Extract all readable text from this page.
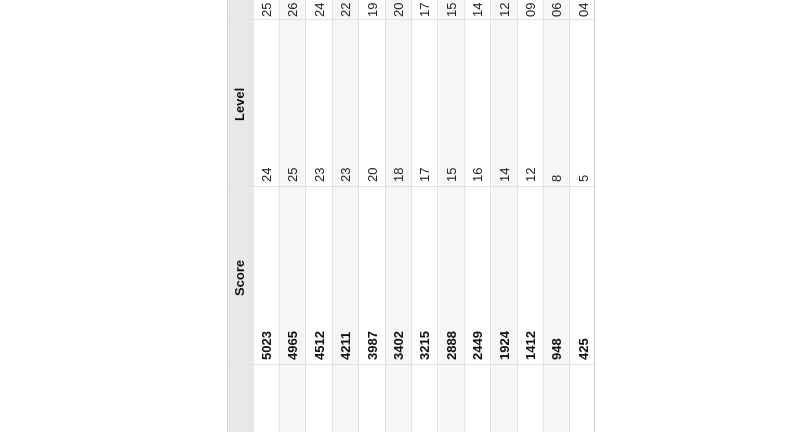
Level
Score
25
24
5023
26
25
4965
24
23
4512
22
23
4211
19
20
3987
20
18
3402
17
17
3215
15
15
2888
14
16
2449
12
14
1924
09
12
1412
06
8
948
04
5
425
